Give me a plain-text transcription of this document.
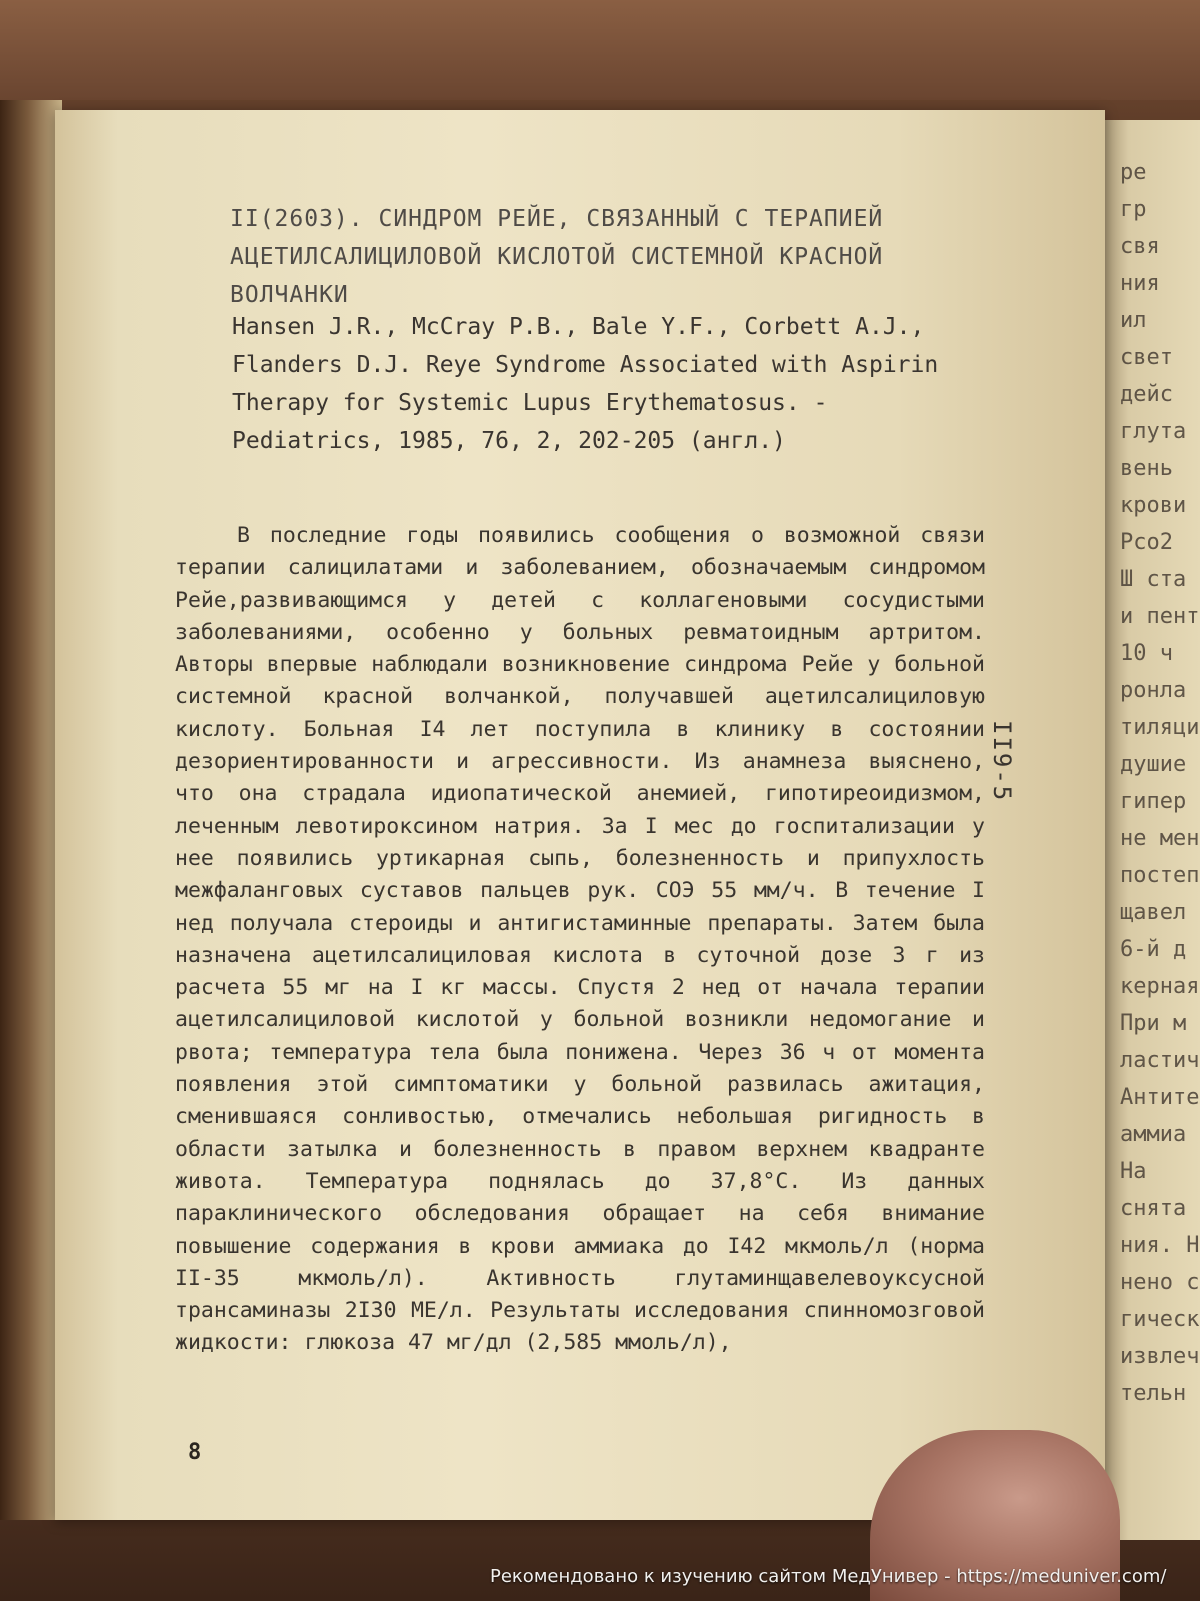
ре
гр
свя
ния
ил
свет
дейс
глута
вень
крови
Pco2
Ш ста
и пент
10 ч
ронла
тиляци
душие
гипер
не мен
постеп
щавел
6-й д
керная
При м
ластич
Антите
аммиа
На
снята
ния. Н
нено с
гическ
извлеч
тельн
II(2603). СИНДРОМ РЕЙЕ, СВЯЗАННЫЙ С ТЕРАПИЕЙ АЦЕТИЛСАЛИЦИЛОВОЙ КИСЛОТОЙ СИСТЕМНОЙ КРАСНОЙ ВОЛЧАНКИ
Hansen J.R., McCray P.B., Bale Y.F., Corbett A.J., Flanders D.J. Reye Syndrome Associated with Aspirin Therapy for Systemic Lupus Erythematosus. - Pediatrics, 1985, 76, 2, 202-205 (англ.)
В последние годы появились сообщения о возможной связи терапии салицилатами и заболеванием, обозначаемым синдромом Рейе,развивающимся у детей с коллагеновыми сосудистыми заболеваниями, особенно у больных ревматоидным артритом. Авторы впервые наблюдали возникновение синдрома Рейе у больной системной красной волчанкой, получавшей ацетилсалициловую кислоту. Больная I4 лет поступила в клинику в состоянии дезориентированности и агрессивности. Из анамнеза выяснено, что она страдала идиопатической анемией, гипотиреоидизмом, леченным левотироксином натрия. За I мес до госпитализации у нее появились уртикарная сыпь, болезненность и припухлость межфаланговых суставов пальцев рук. СОЭ 55 мм/ч. В течение I нед получала стероиды и антигистаминные препараты. Затем была назначена ацетилсалициловая кислота в суточной дозе 3 г из расчета 55 мг на I кг массы. Спустя 2 нед от начала терапии ацетилсалициловой кислотой у больной возникли недомогание и рвота; температура тела была понижена. Через 36 ч от момента появления этой симптоматики у больной развилась ажитация, сменившаяся сонливостью, отмечались небольшая ригидность в области затылка и болезненность в правом верхнем квадранте живота. Температура поднялась до 37,8°С. Из данных параклинического обследования обращает на себя внимание повышение содержания в крови аммиака до I42 мкмоль/л (норма II-35 мкмоль/л). Активность глутаминщавелевоуксусной трансаминазы 2I30 МЕ/л. Результаты исследования спинномозговой жидкости: глюкоза 47 мг/дл (2,585 ммоль/л),
II9-5
8
Рекомендовано к изучению сайтом МедУнивер - https://meduniver.com/
